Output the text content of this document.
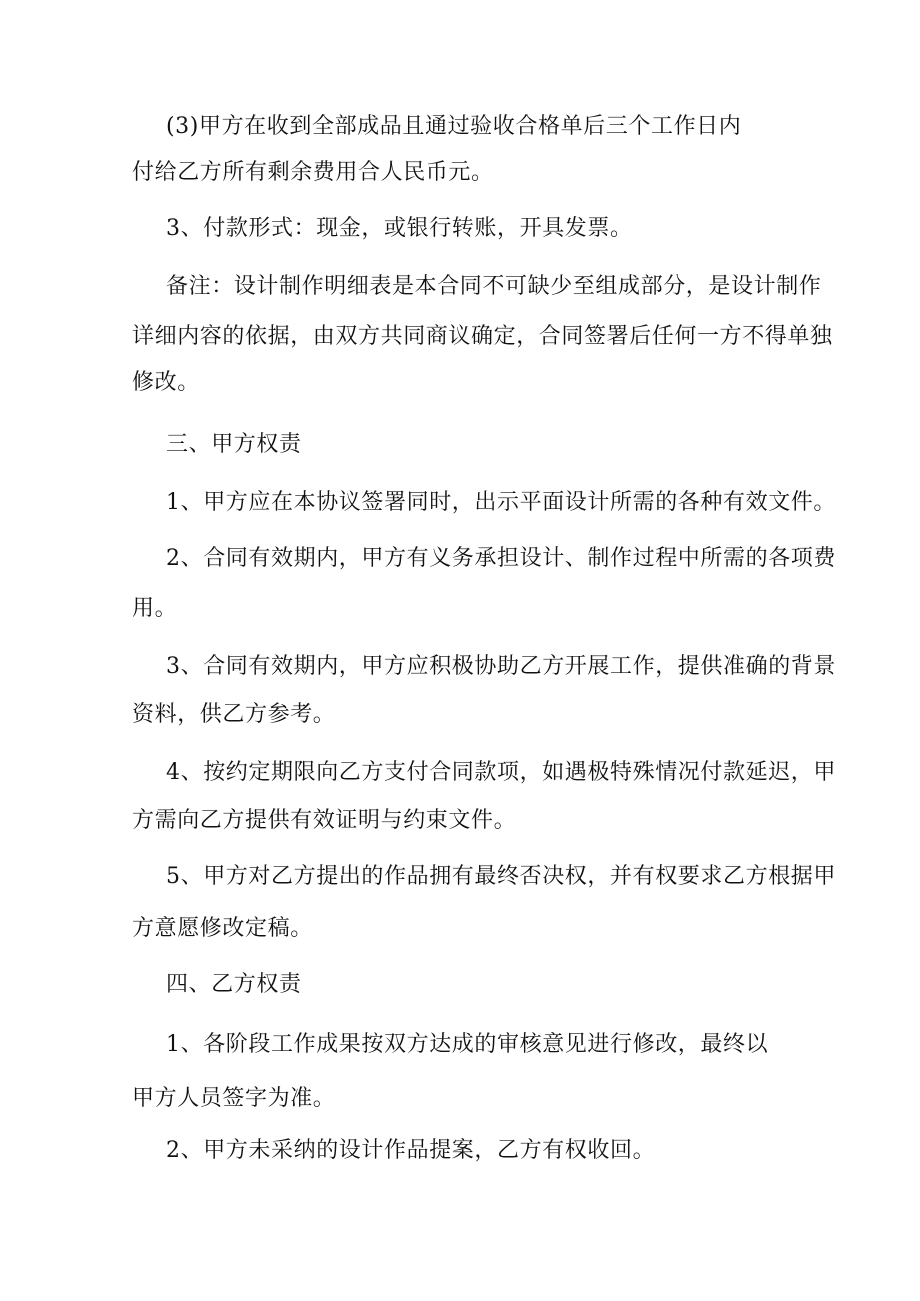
(3)甲方在收到全部成品且通过验收合格单后三个工作日内
付给乙方所有剩余费用合人民币元。
3、付款形式：现金，或银行转账，开具发票。
备注：设计制作明细表是本合同不可缺少至组成部分，是设计制作
详细内容的依据，由双方共同商议确定，合同签署后任何一方不得单独
修改。
三、甲方权责
1、甲方应在本协议签署同时，出示平面设计所需的各种有效文件。
2、合同有效期内，甲方有义务承担设计、制作过程中所需的各项费
用。
3、合同有效期内，甲方应积极协助乙方开展工作，提供准确的背景
资料，供乙方参考。
4、按约定期限向乙方支付合同款项，如遇极特殊情况付款延迟，甲
方需向乙方提供有效证明与约束文件。
5、甲方对乙方提出的作品拥有最终否决权，并有权要求乙方根据甲
方意愿修改定稿。
四、乙方权责
1、各阶段工作成果按双方达成的审核意见进行修改，最终以
甲方人员签字为准。
2、甲方未采纳的设计作品提案，乙方有权收回。
